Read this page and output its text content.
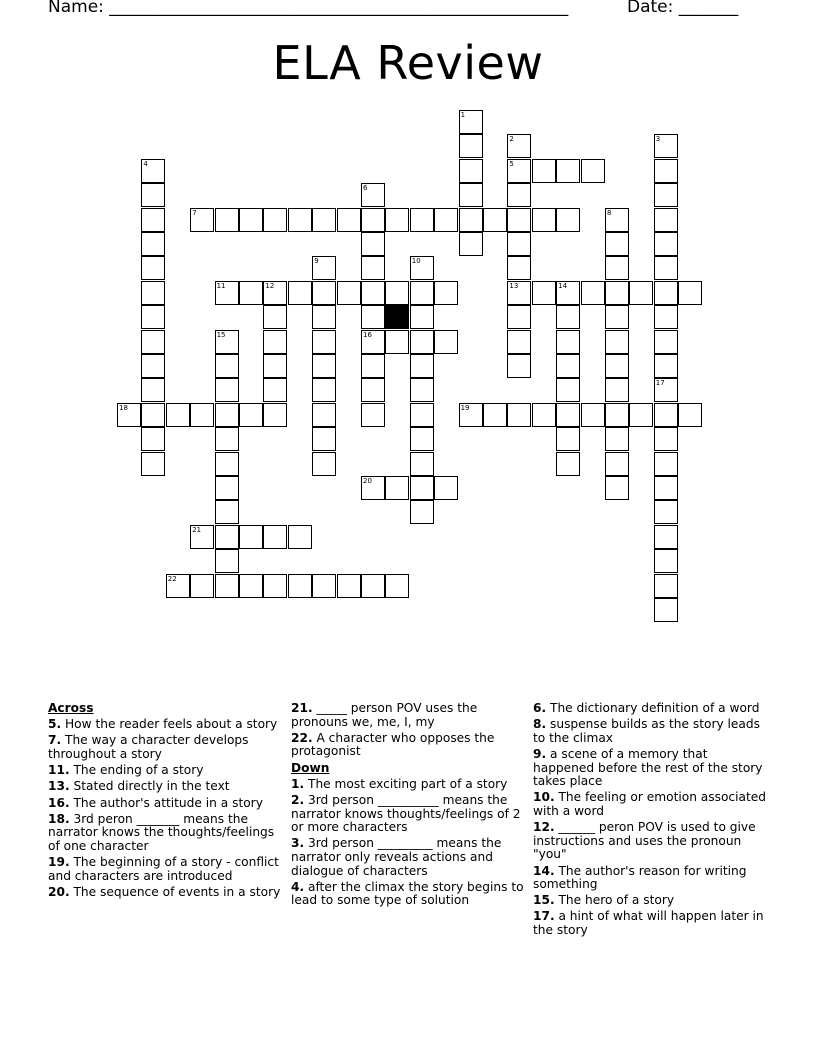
Name: ______________________________________________________	Date: _______
ELA Review
1
2	3
4	5
6
7	8
9	10
11	12	13	14
15	16
17
18	19
20
21
22
Across
5. How the reader feels about a story
7. The way a character develops throughout a story
11. The ending of a story
13. Stated directly in the text
16. The author's attitude in a story
18. 3rd peron _______ means the narrator knows the thoughts/feelings of one character
19. The beginning of a story - conflict and characters are introduced
20. The sequence of events in a story
21. _____ person POV uses the pronouns we, me, I, my
22. A character who opposes the protagonist
Down
1. The most exciting part of a story
2. 3rd person __________ means the narrator knows thoughts/feelings of 2 or more characters
3. 3rd person _________ means the narrator only reveals actions and dialogue of characters
4. after the climax the story begins to lead to some type of solution
6. The dictionary definition of a word
8. suspense builds as the story leads to the climax
9. a scene of a memory that happened before the rest of the story takes place
10. The feeling or emotion associated with a word
12. ______ peron POV is used to give instructions and uses the pronoun "you"
14. The author's reason for writing something
15. The hero of a story
17. a hint of what will happen later in the story
